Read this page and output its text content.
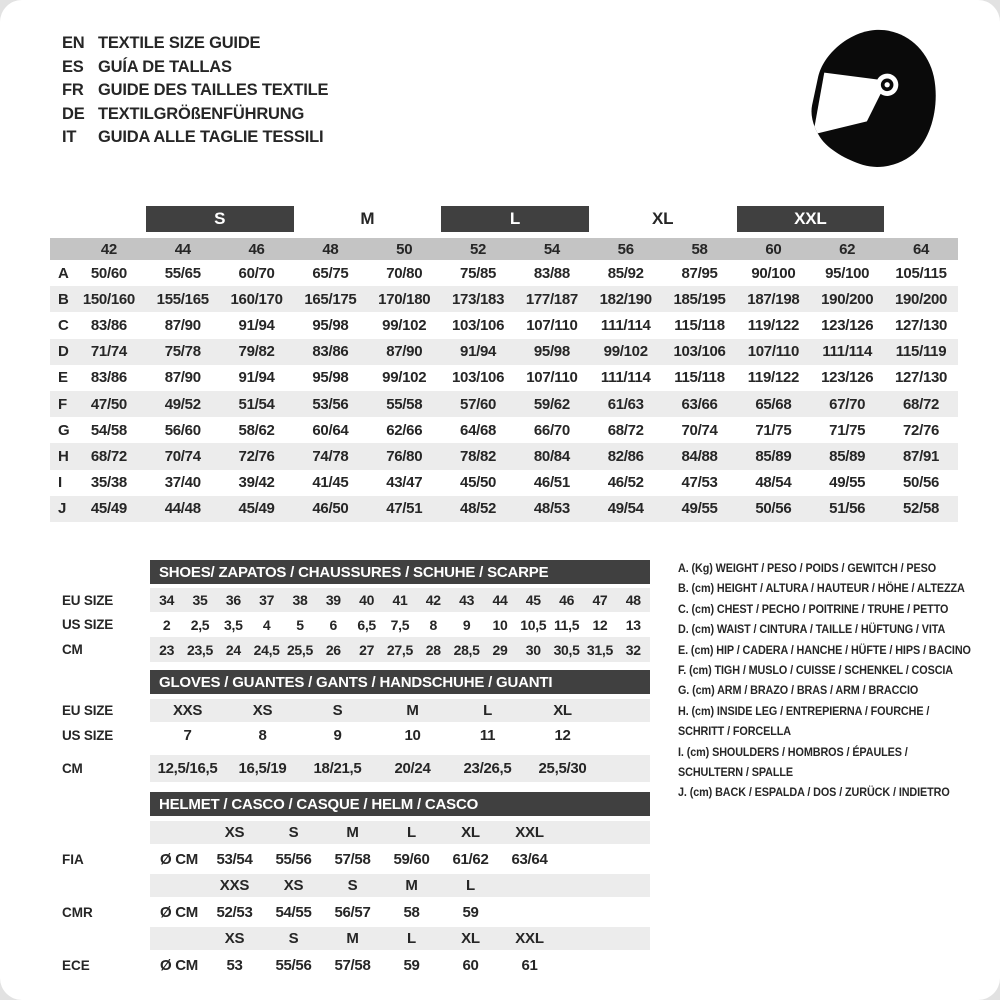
EN TEXTILE SIZE GUIDE
ES GUÍA DE TALLAS
FR GUIDE DES TAILLES TEXTILE
DE TEXTILGRÖßENFÜHRUNG
IT	GUIDA ALLE TAGLIE TESSILI
S	M	L	XL	XXL
42	44	46	48	50	52	54	56	58	60	62	64
A	50/60	55/65	60/70	65/75	70/80	75/85	83/88	85/92	87/95	90/100	95/100	105/115
B 150/160	155/165	160/170	165/175	170/180	173/183	177/187	182/190	185/195	187/198	190/200	190/200
C	83/86	87/90	91/94	95/98	99/102	103/106	107/110	111/114	115/118	119/122	123/126	127/130
D	71/74	75/78	79/82	83/86	87/90	91/94	95/98	99/102	103/106	107/110	111/114	115/119
E	83/86	87/90	91/94	95/98	99/102	103/106	107/110	111/114	115/118	119/122	123/126	127/130
F	47/50	49/52	51/54	53/56	55/58	57/60	59/62	61/63	63/66	65/68	67/70	68/72
G	54/58	56/60	58/62	60/64	62/66	64/68	66/70	68/72	70/74	71/75	71/75	72/76
H	68/72	70/74	72/76	74/78	76/80	78/82	80/84	82/86	84/88	85/89	85/89	87/91
I	35/38	37/40	39/42	41/45	43/47	45/50	46/51	46/52	47/53	48/54	49/55	50/56
J	45/49	44/48	45/49	46/50	47/51	48/52	48/53	49/54	49/55	50/56	51/56	52/58
SHOES/ ZAPATOS / CHAUSSURES / SCHUHE / SCARPE
EU SIZE	34	35	36	37	38	39	40	41	42	43	44	45	46	47	48
US SIZE	2	2,5	3,5	4	5	6	6,5	7,5	8	9	10 10,5 11,5 12	13
CM	23 23,5 24 24,5 25,5 26	27 27,5 28 28,5 29	30 30,5 31,5 32
GLOVES / GUANTES / GANTS / HANDSCHUHE / GUANTI
EU SIZE	XXS	XS	S	M	L	XL
US SIZE	7	8	9	10	11	12
CM	12,5/16,5	16,5/19	18/21,5	20/24	23/26,5	25,5/30
HELMET / CASCO / CASQUE / HELM / CASCO
FIA
XS	S	M	L	XL	XXL
Ø CM	53/54	55/56	57/58	59/60	61/62	63/64
CMR
XXS	XS	S	M	L
Ø CM	52/53	54/55	56/57	58	59
ECE
XS	S	M	L	XL	XXL
Ø CM	53	55/56	57/58	59	60	61
A. (Kg) WEIGHT / PESO / POIDS / GEWITCH / PESO
B. (cm) HEIGHT / ALTURA / HAUTEUR / HÖHE / ALTEZZA
C. (cm) CHEST / PECHO / POITRINE / TRUHE / PETTO
D. (cm) WAIST / CINTURA / TAILLE / HÜFTUNG / VITA
E. (cm) HIP / CADERA / HANCHE / HÜFTE / HIPS / BACINO
F. (cm) TIGH / MUSLO / CUISSE / SCHENKEL / COSCIA
G. (cm) ARM / BRAZO / BRAS / ARM / BRACCIO
H. (cm) INSIDE LEG / ENTREPIERNA / FOURCHE /
SCHRITT / FORCELLA
I. (cm) SHOULDERS / HOMBROS / ÉPAULES /
SCHULTERN / SPALLE
J. (cm) BACK / ESPALDA / DOS / ZURÜCK / INDIETRO
